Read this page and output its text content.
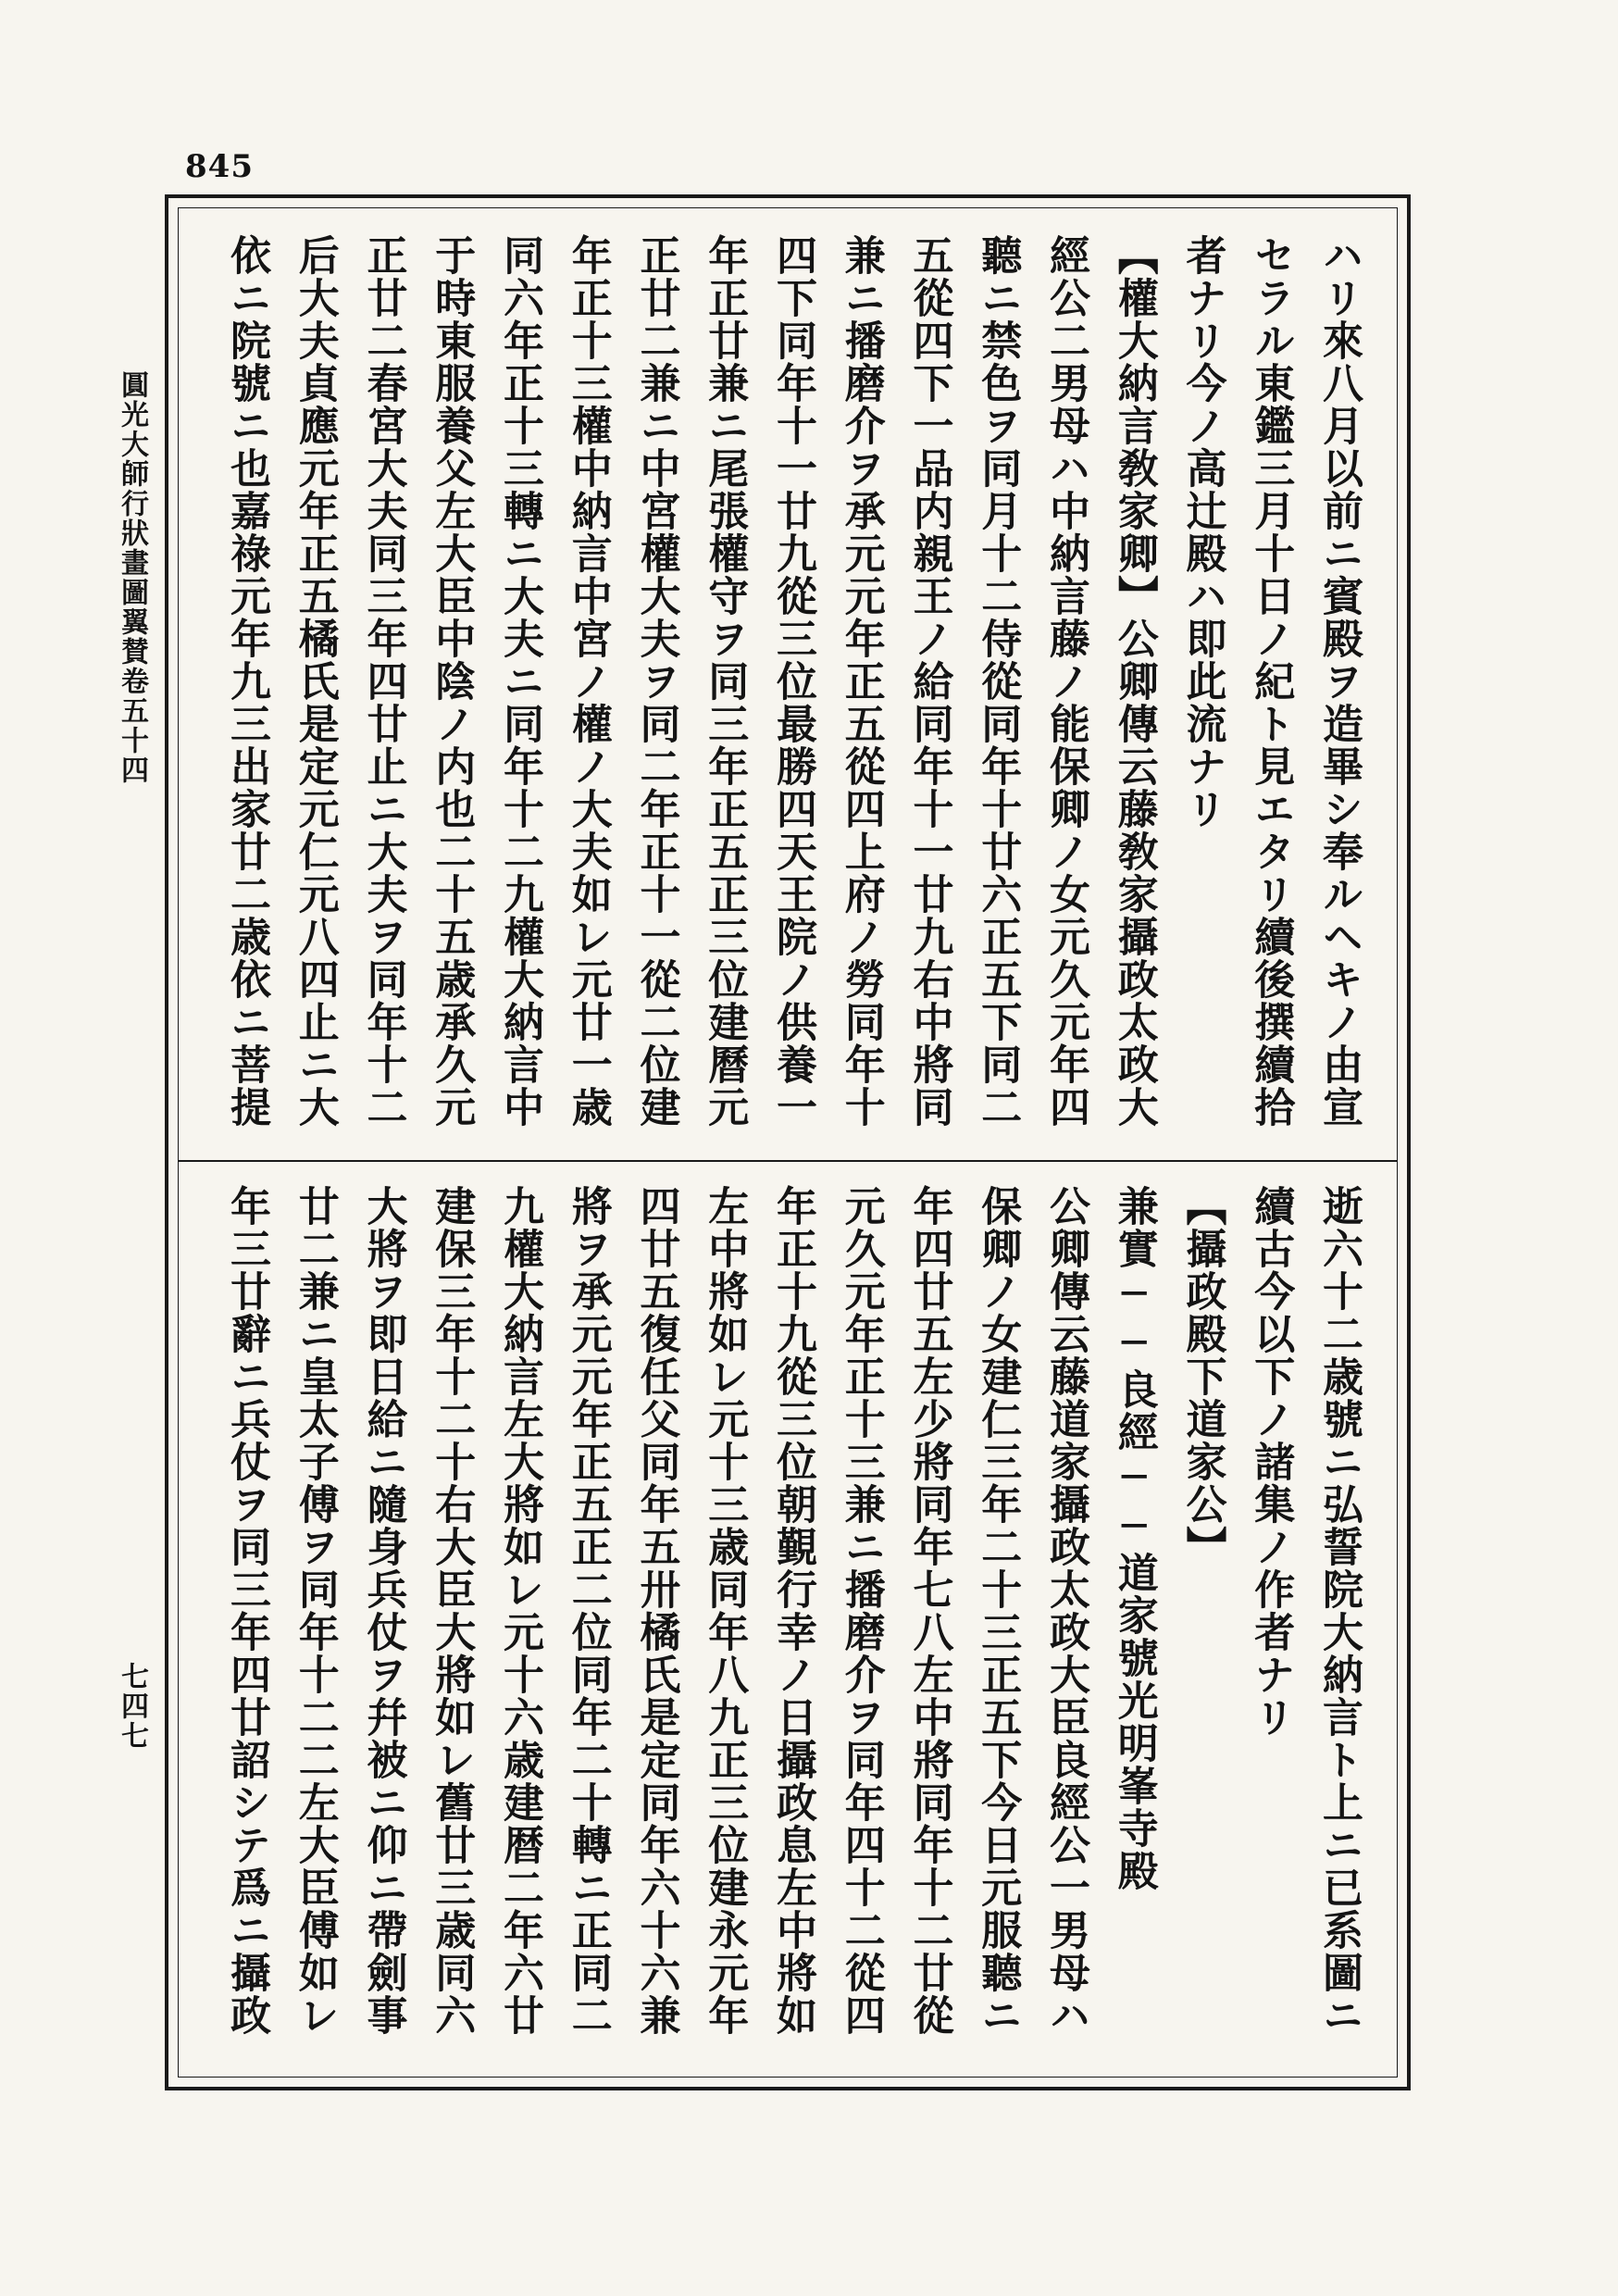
845
圓光大師行狀畫圖翼賛卷五十四
七四七
ハリ來八月以前ニ賓殿ヲ造畢シ奉ルヘキノ由宣
セラル東鑑三月十日ノ紀ト見エタリ續後撰續拾
者ナリ今ノ高辻殿ハ即此流ナリ
【權大納言敎家卿】公卿傳云藤敎家攝政太政大
經公二男母ハ中納言藤ノ能保卿ノ女元久元年四
聽ニ禁色ヲ同月十二侍從同年十廿六正五下同二
五從四下一品内親王ノ給同年十一廿九右中將同
兼ニ播磨介ヲ承元元年正五從四上府ノ勞同年十
四下同年十一廿九從三位最勝四天王院ノ供養一
年正廿兼ニ尾張權守ヲ同三年正五正三位建曆元
正廿二兼ニ中宮權大夫ヲ同二年正十一從二位建
年正十三權中納言中宮ノ權ノ大夫如レ元廿一歳
同六年正十三轉ニ大夫ニ同年十二九權大納言中
于時東服養父左大臣中陰ノ内也二十五歳承久元
正廿二春宮大夫同三年四廿止ニ大夫ヲ同年十二
后大夫貞應元年正五橘氏是定元仁元八四止ニ大
依ニ院號ニ也嘉祿元年九三出家廿二歳依ニ菩提
逝六十二歳號ニ弘誓院大納言ト上ニ已系圖ニ
續古今以下ノ諸集ノ作者ナリ
【攝政殿下道家公】
兼實──良經──道家號光明峯寺殿
公卿傳云藤道家攝政太政大臣良經公一男母ハ
保卿ノ女建仁三年二十三正五下今日元服聽ニ
年四廿五左少將同年七八左中將同年十二廿從
元久元年正十三兼ニ播磨介ヲ同年四十二從四
年正十九從三位朝覲行幸ノ日攝政息左中將如
左中將如レ元十三歳同年八九正三位建永元年
四廿五復任父同年五卅橘氏是定同年六十六兼
將ヲ承元元年正五正二位同年二十轉ニ正同二
九權大納言左大將如レ元十六歳建暦二年六廿
建保三年十二十右大臣大將如レ舊廿三歳同六
大將ヲ即日給ニ隨身兵仗ヲ幷被ニ仰ニ帶劍事
廿二兼ニ皇太子傅ヲ同年十二二左大臣傅如レ
年三廿辭ニ兵仗ヲ同三年四廿詔シテ爲ニ攝政
